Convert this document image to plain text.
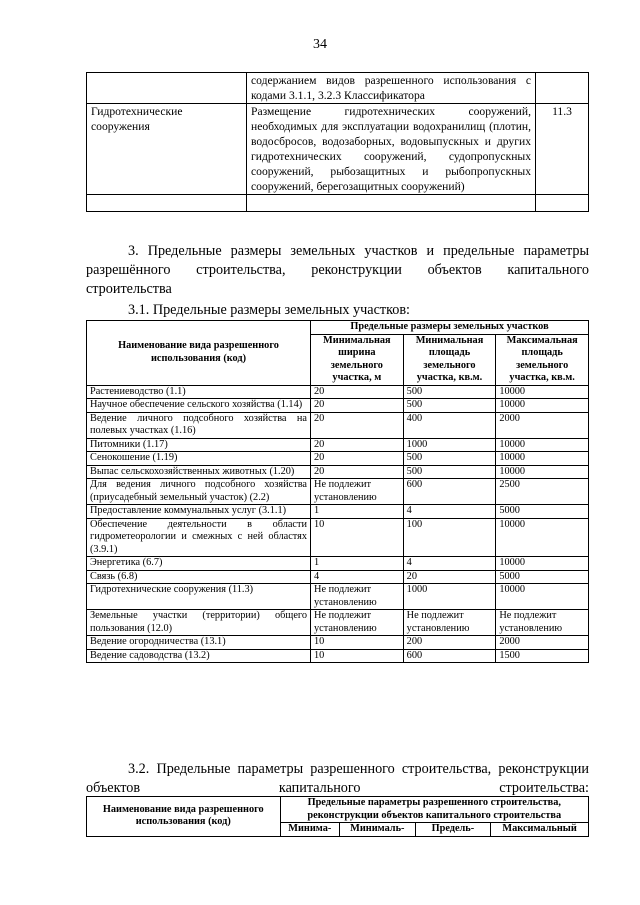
34
	содержанием видов разрешенного использования с кодами 3.1.1, 3.2.3 Классификатора	
Гидротехнические сооружения	Размещение гидротехнических сооружений, необходимых для эксплуатации водохранилищ (плотин, водосбросов, водозаборных, водовыпускных и других гидротехнических сооружений, судопропускных сооружений, рыбозащитных и рыбопропускных сооружений, берегозащитных сооружений)	11.3

3. Предельные размеры земельных участков и предельные параметры разрешённого строительства, реконструкции объектов капитального строительства
3.1. Предельные размеры земельных участков:
Наименование вида разрешенного использования (код)	Предельные размеры земельных участков		
	Минимальная ширина земельного участка, м	Минимальная площадь земельного участка, кв.м.	Максимальная площадь земельного участка, кв.м.
Растениеводство (1.1)	20	500	10000
Научное обеспечение сельского хозяйства (1.14)	20	500	10000
Ведение личного подсобного хозяйства на полевых участках (1.16)	20	400	2000
Питомники (1.17)	20	1000	10000
Сенокошение (1.19)	20	500	10000
Выпас сельскохозяйственных животных (1.20)	20	500	10000
Для ведения личного подсобного хозяйства (приусадебный земельный участок) (2.2)	Не подлежит установлению	600	2500
Предоставление коммунальных услуг (3.1.1)	1	4	5000
Обеспечение деятельности в области гидрометеорологии и смежных с ней областях (3.9.1)	10	100	10000
Энергетика (6.7)	1	4	10000
Связь (6.8)	4	20	5000
Гидротехнические сооружения (11.3)	Не подлежит установлению	1000	10000
Земельные участки (территории) общего пользования (12.0)	Не подлежит установлению	Не подлежит установлению	Не подлежит установлению
Ведение огородничества (13.1)	10	200	2000
Ведение садоводства (13.2)	10	600	1500
3.2. Предельные параметры разрешенного строительства, реконструкции объектов капитального строительства:
Наименование вида разрешенного использования (код)	Предельные параметры разрешенного строительства, реконструкции объектов капитального строительства			
	Минима-	Минималь-	Предель-	Максимальный
